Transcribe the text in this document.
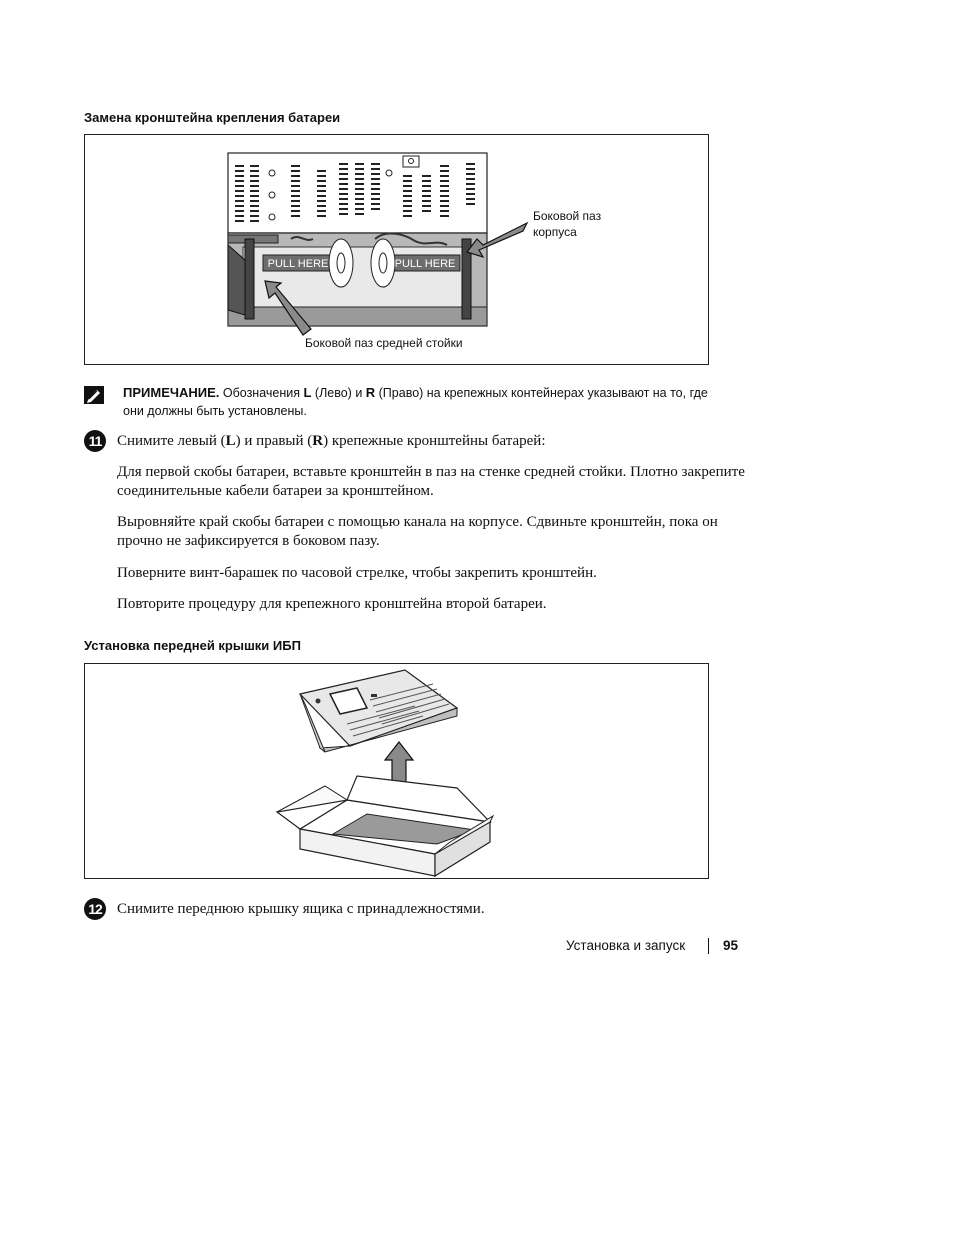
Замена кронштейна крепления батареи
PULL HERE	PULL HERE
Боковой паз
корпуса
Боковой паз средней стойки
ПРИМЕЧАНИЕ. Обозначения L (Лево) и R (Право) на крепежных контейнерах указывают на то, где
они должны быть установлены.
11	Снимите левый (L) и правый (R) крепежные кронштейны батарей:
Для первой скобы батареи, вставьте кронштейн в паз на стенке средней стойки. Плотно закрепите соединительные кабели батареи за кронштейном.
Выровняйте край скобы батареи с помощью канала на корпусе. Сдвиньте кронштейн, пока он прочно не зафиксируется в боковом пазу.
Поверните винт-барашек по часовой стрелке, чтобы закрепить кронштейн.
Повторите процедуру для крепежного кронштейна второй батареи.
Установка передней крышки ИБП
12 Снимите переднюю крышку ящика с принадлежностями.
Установка и запуск	95
